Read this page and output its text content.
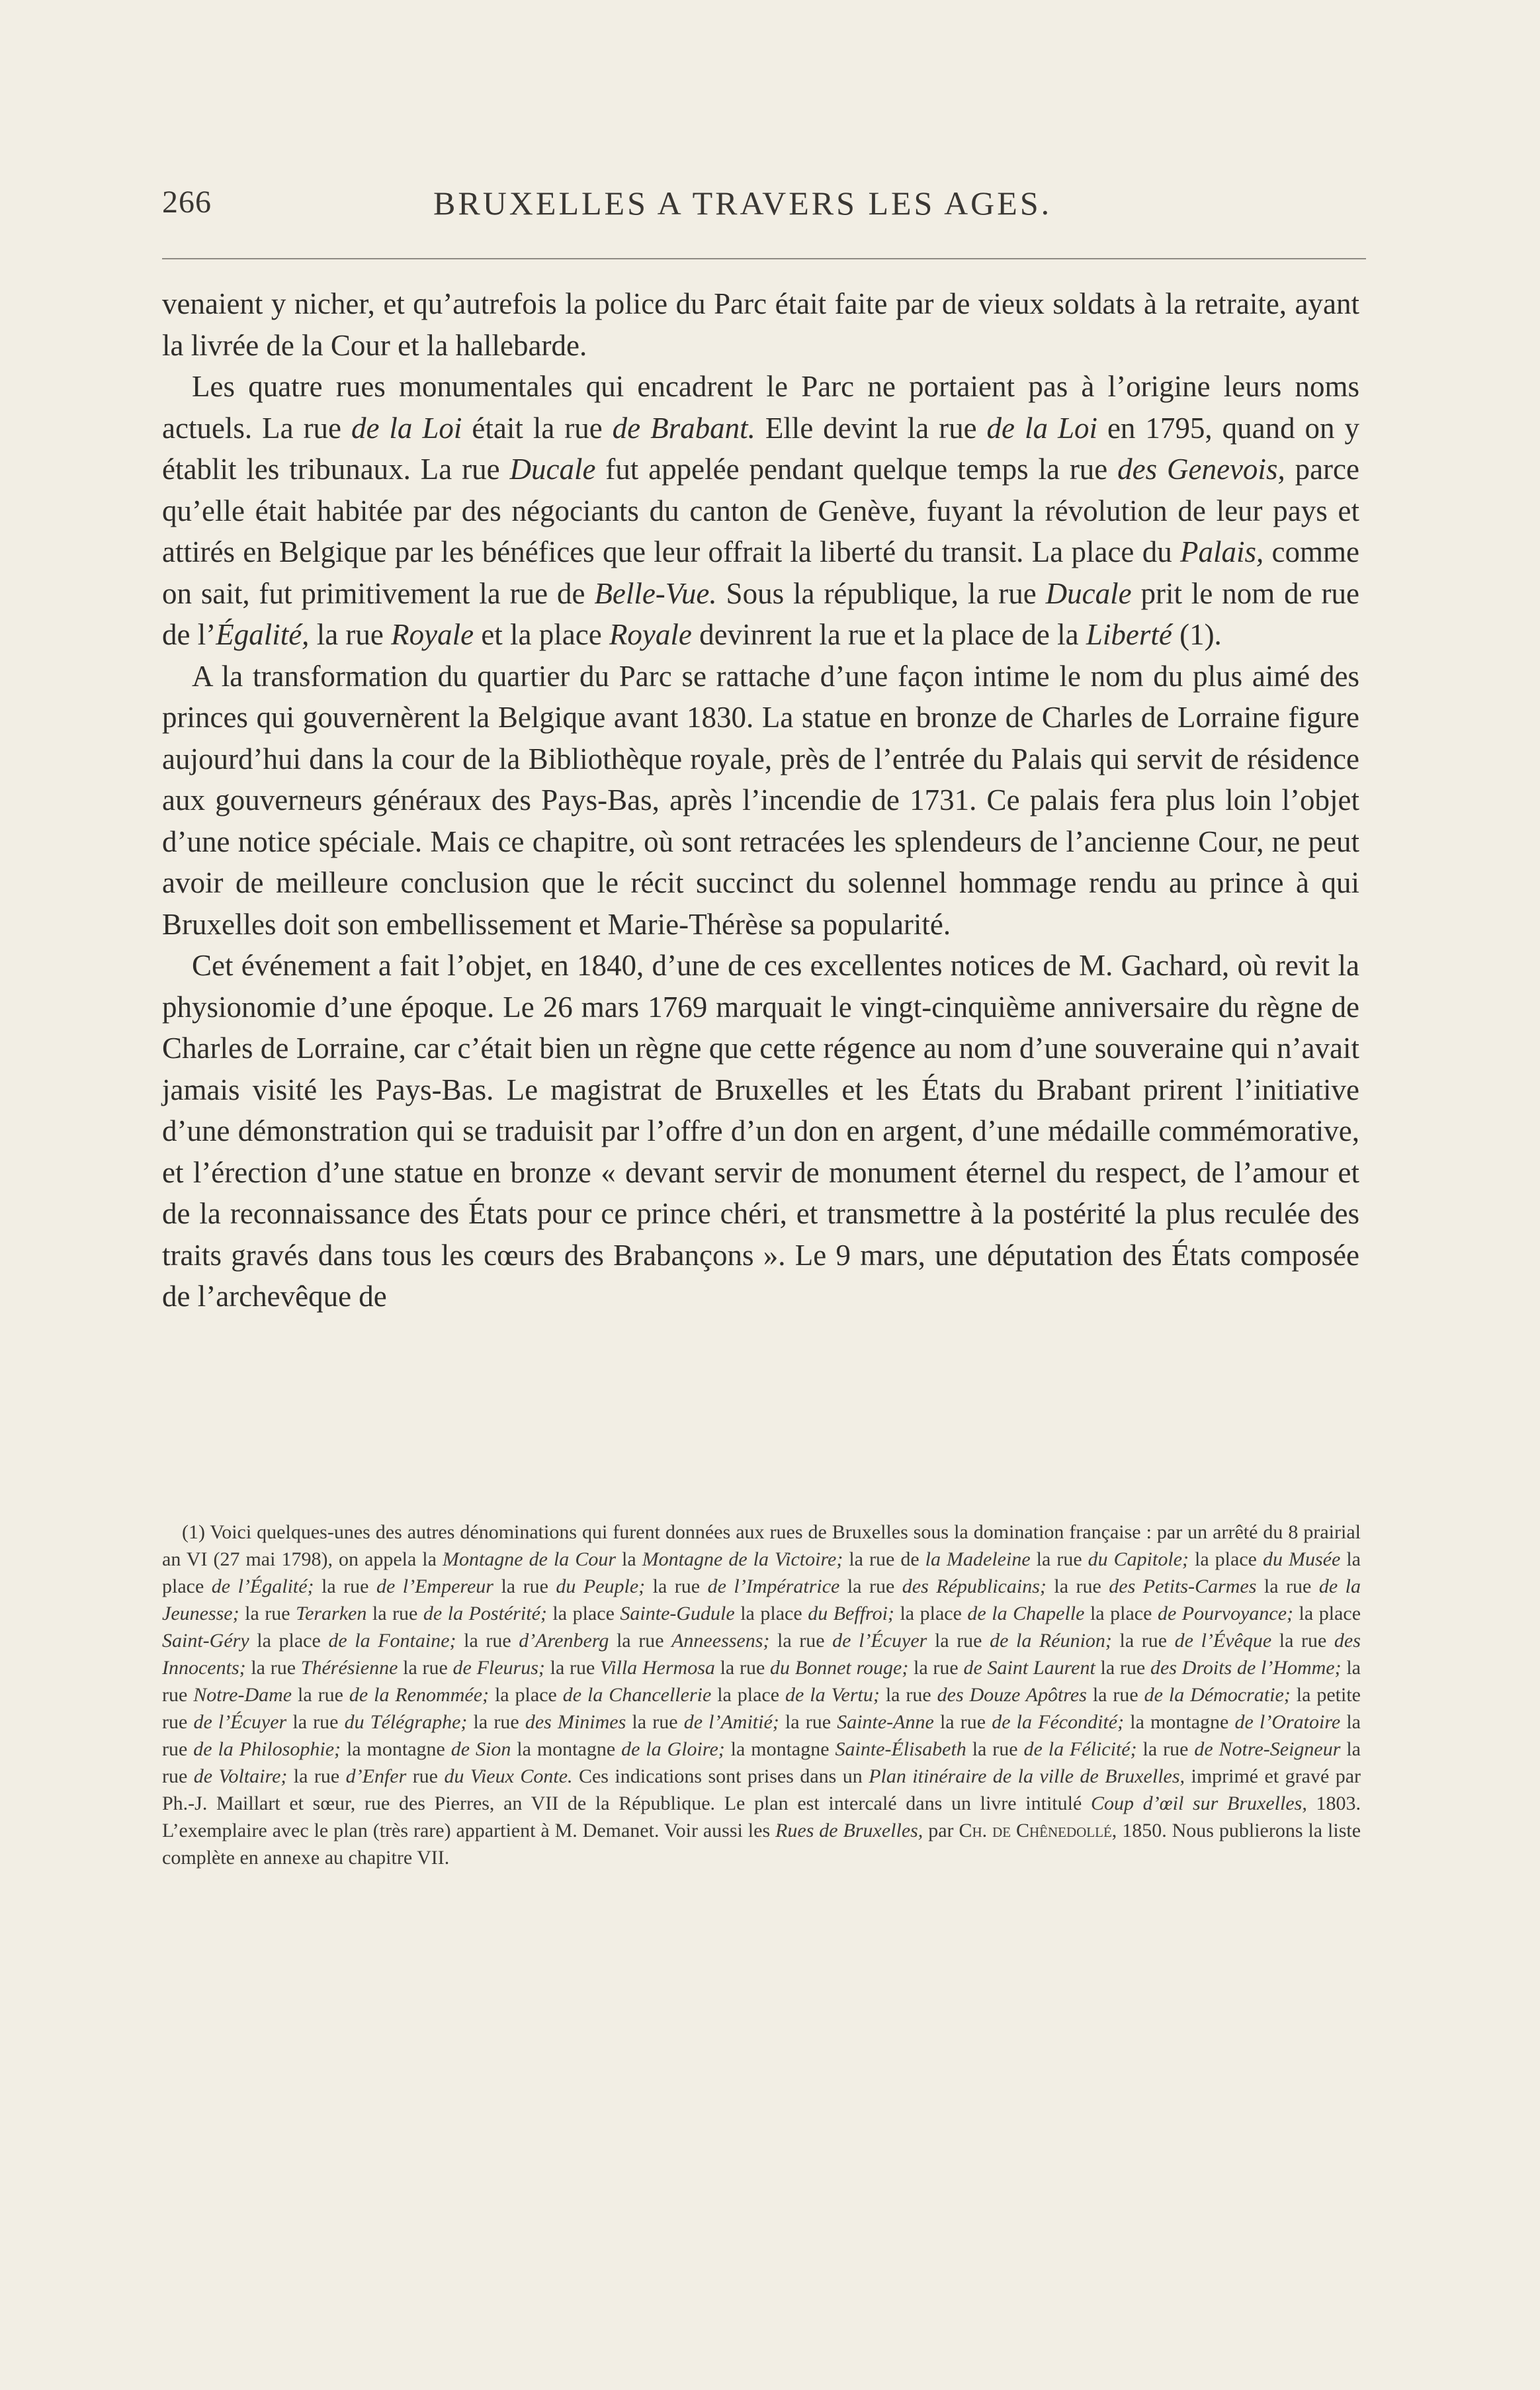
266	BRUXELLES A TRAVERS LES AGES.

venaient y nicher, et qu’autrefois la police du Parc était faite par de vieux soldats à la retraite, ayant la livrée de la Cour et la hallebarde.

Les quatre rues monumentales qui encadrent le Parc ne portaient pas à l’origine leurs noms actuels. La rue de la Loi était la rue de Brabant. Elle devint la rue de la Loi en 1795, quand on y établit les tribunaux. La rue Ducale fut appelée pendant quelque temps la rue des Genevois, parce qu’elle était habitée par des négociants du canton de Genève, fuyant la révolution de leur pays et attirés en Belgique par les bénéfices que leur offrait la liberté du transit. La place du Palais, comme on sait, fut primitivement la rue de Belle-Vue. Sous la république, la rue Ducale prit le nom de rue de l’Égalité, la rue Royale et la place Royale devinrent la rue et la place de la Liberté (1).

A la transformation du quartier du Parc se rattache d’une façon intime le nom du plus aimé des princes qui gouvernèrent la Belgique avant 1830. La statue en bronze de Charles de Lorraine figure aujourd’hui dans la cour de la Bibliothèque royale, près de l’entrée du Palais qui servit de résidence aux gouverneurs généraux des Pays-Bas, après l’incendie de 1731. Ce palais fera plus loin l’objet d’une notice spéciale. Mais ce chapitre, où sont retracées les splendeurs de l’ancienne Cour, ne peut avoir de meilleure conclusion que le récit succinct du solennel hommage rendu au prince à qui Bruxelles doit son embellissement et Marie-Thérèse sa popularité.

Cet événement a fait l’objet, en 1840, d’une de ces excellentes notices de M. Gachard, où revit la physionomie d’une époque. Le 26 mars 1769 marquait le vingt-cinquième anniversaire du règne de Charles de Lorraine, car c’était bien un règne que cette régence au nom d’une souveraine qui n’avait jamais visité les Pays-Bas. Le magistrat de Bruxelles et les États du Brabant prirent l’initiative d’une démonstration qui se traduisit par l’offre d’un don en argent, d’une médaille commémorative, et l’érection d’une statue en bronze « devant servir de monument éternel du respect, de l’amour et de la reconnaissance des États pour ce prince chéri, et transmettre à la postérité la plus reculée des traits gravés dans tous les cœurs des Brabançons ». Le 9 mars, une députation des États composée de l’archevêque de

(1) Voici quelques-unes des autres dénominations qui furent données aux rues de Bruxelles sous la domination française : par un arrêté du 8 prairial an VI (27 mai 1798), on appela la Montagne de la Cour la Montagne de la Victoire; la rue de la Madeleine la rue du Capitole; la place du Musée la place de l’Égalité; la rue de l’Empereur la rue du Peuple; la rue de l’Impératrice la rue des Républicains; la rue des Petits-Carmes la rue de la Jeunesse; la rue Terarken la rue de la Postérité; la place Sainte-Gudule la place du Beffroi; la place de la Chapelle la place de Pourvoyance; la place Saint-Géry la place de la Fontaine; la rue d’Arenberg la rue Anneessens; la rue de l’Écuyer la rue de la Réunion; la rue de l’Évêque la rue des Innocents; la rue Thérésienne la rue de Fleurus; la rue Villa Hermosa la rue du Bonnet rouge; la rue de Saint Laurent la rue des Droits de l’Homme; la rue Notre-Dame la rue de la Renommée; la place de la Chancellerie la place de la Vertu; la rue des Douze Apôtres la rue de la Démocratie; la petite rue de l’Écuyer la rue du Télégraphe; la rue des Minimes la rue de l’Amitié; la rue Sainte-Anne la rue de la Fécondité; la montagne de l’Oratoire la rue de la Philosophie; la montagne de Sion la montagne de la Gloire; la montagne Sainte-Élisabeth la rue de la Félicité; la rue de Notre-Seigneur la rue de Voltaire; la rue d’Enfer rue du Vieux Conte. Ces indications sont prises dans un Plan itinéraire de la ville de Bruxelles, imprimé et gravé par Ph.-J. Maillart et sœur, rue des Pierres, an VII de la République. Le plan est intercalé dans un livre intitulé Coup d’œil sur Bruxelles, 1803. L’exemplaire avec le plan (très rare) appartient à M. Demanet. Voir aussi les Rues de Bruxelles, par Ch. de Chênedollé, 1850. Nous publierons la liste complète en annexe au chapitre VII.
